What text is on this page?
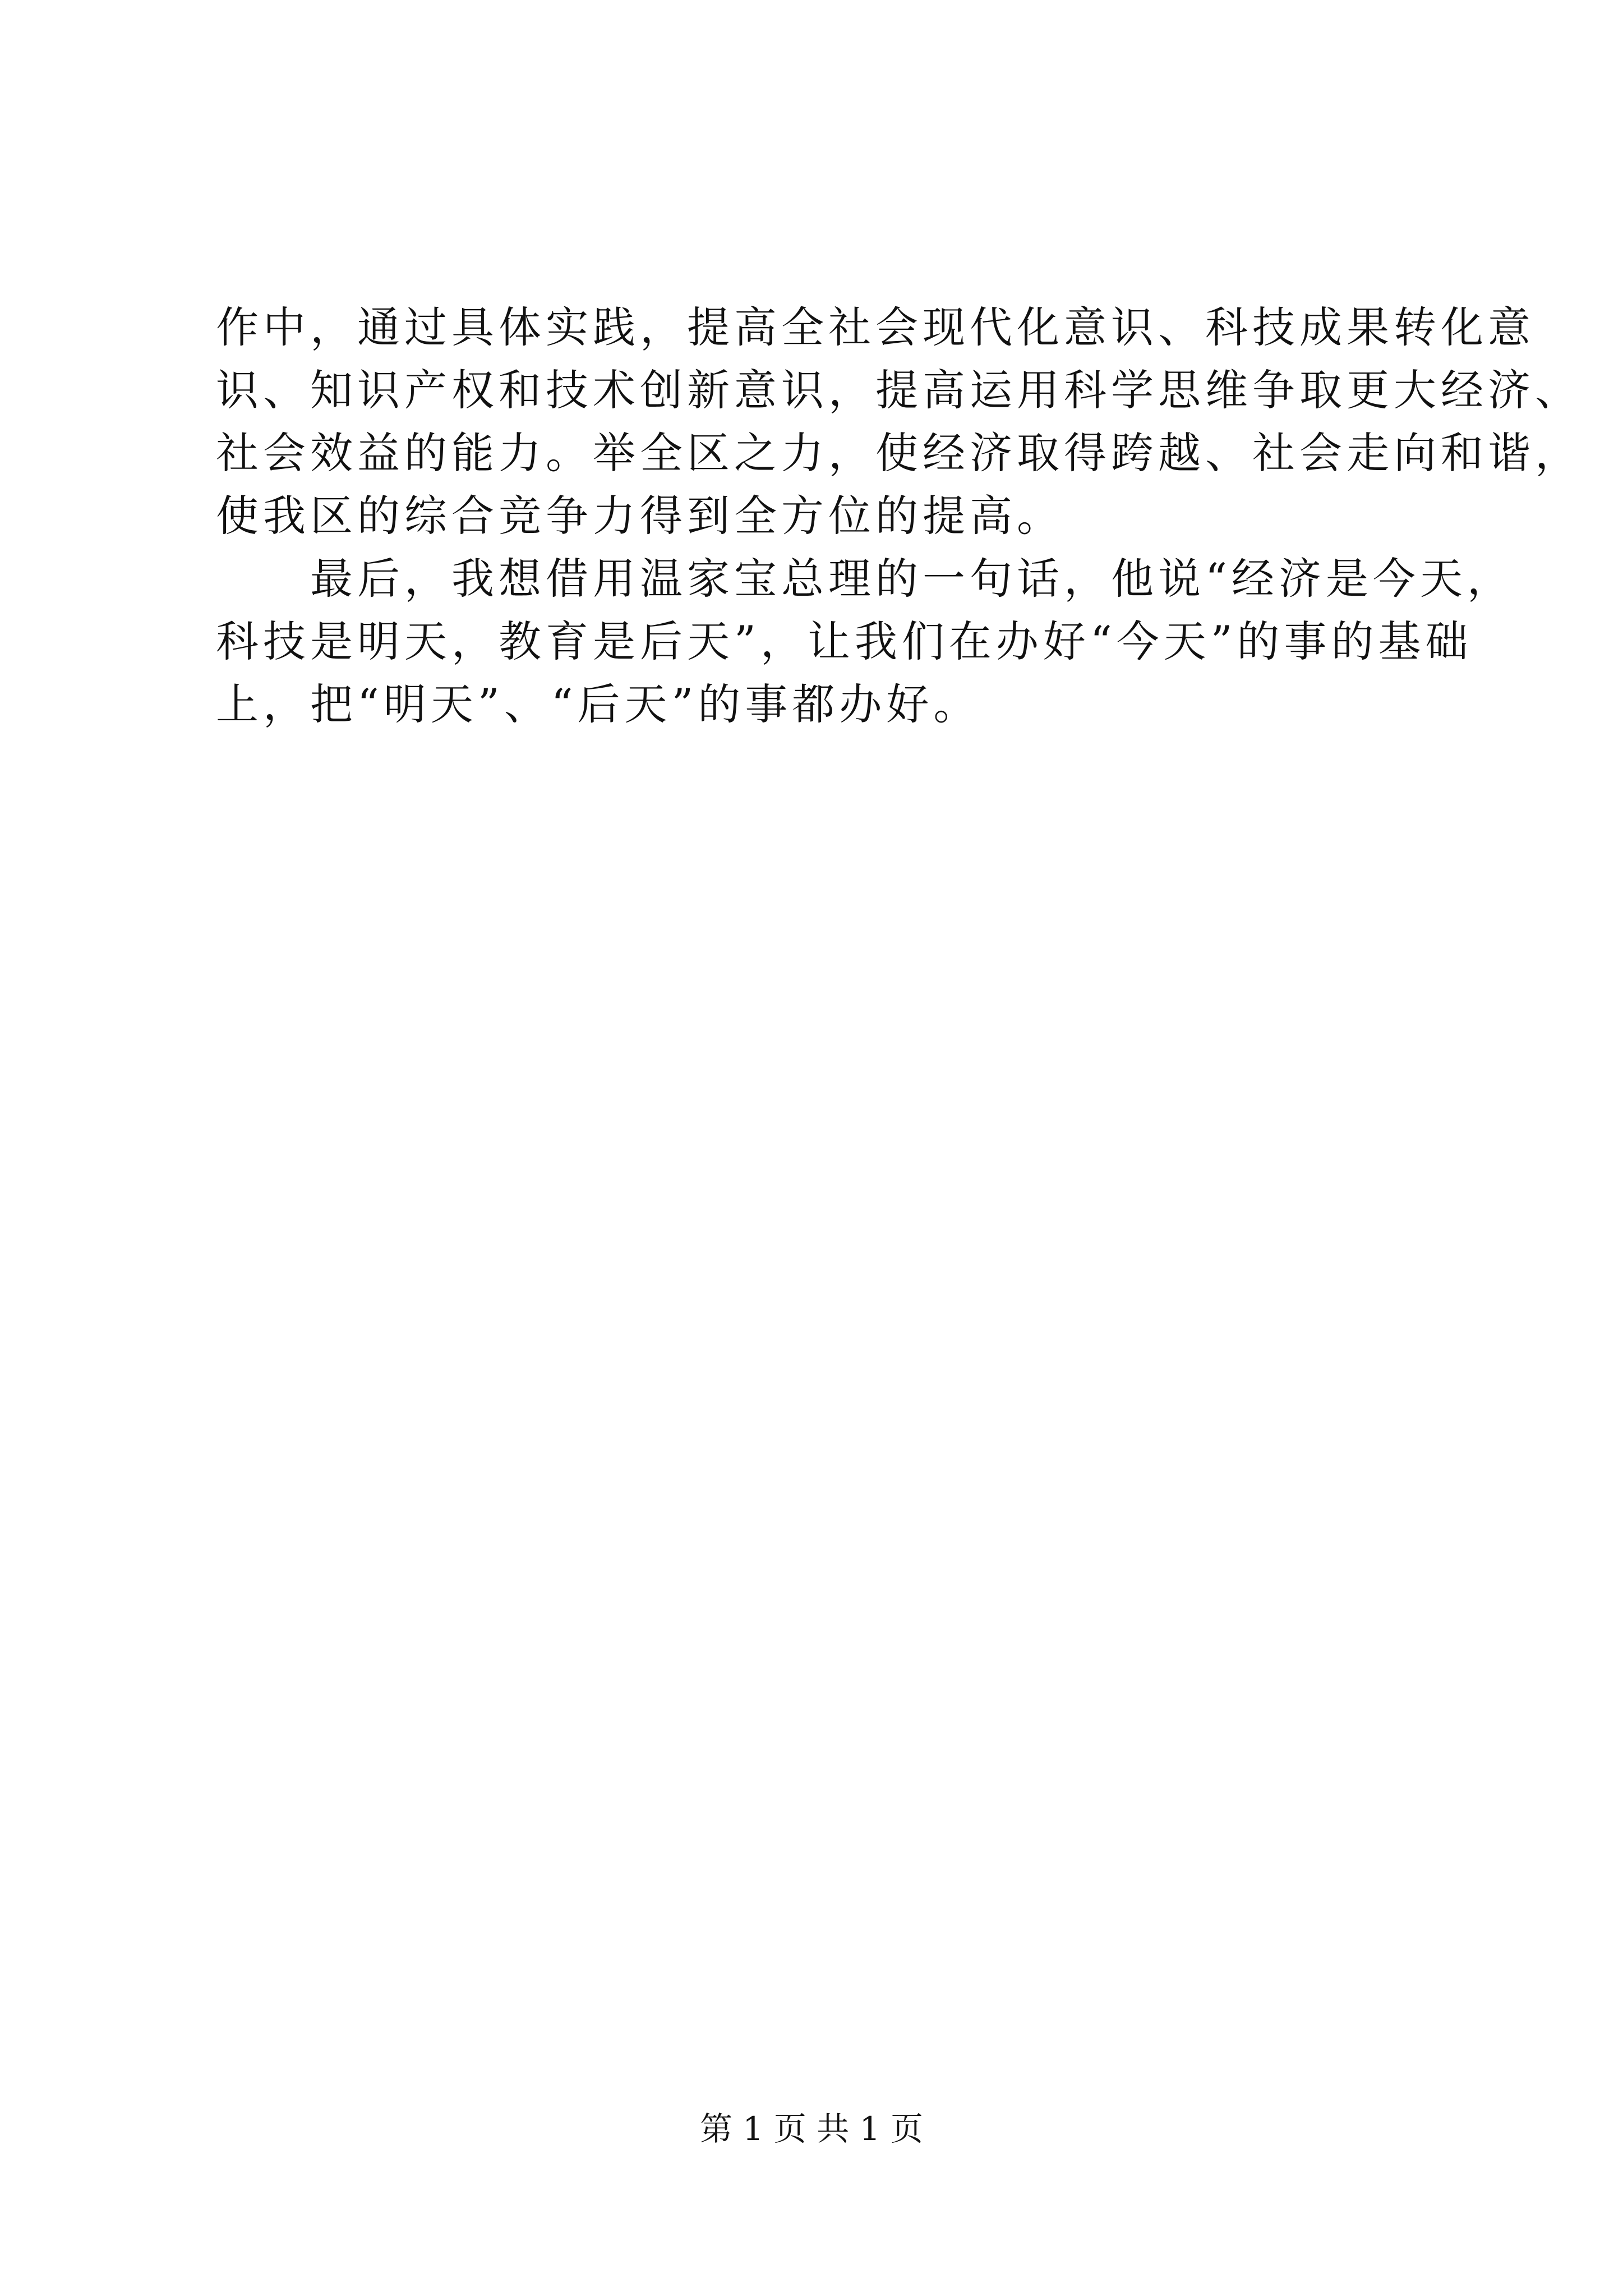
作中，通过具体实践，提高全社会现代化意识、科技成果转化意
识、知识产权和技术创新意识，提高运用科学思维争取更大经济、
社会效益的能力。举全区之力，使经济取得跨越、社会走向和谐，
使我区的综合竞争力得到全方位的提高。
最后，我想借用温家宝总理的一句话，他说“经济是今天，
科技是明天，教育是后天”，让我们在办好“今天”的事的基础
上，把“明天”、“后天”的事都办好。
第 1 页 共 1 页
